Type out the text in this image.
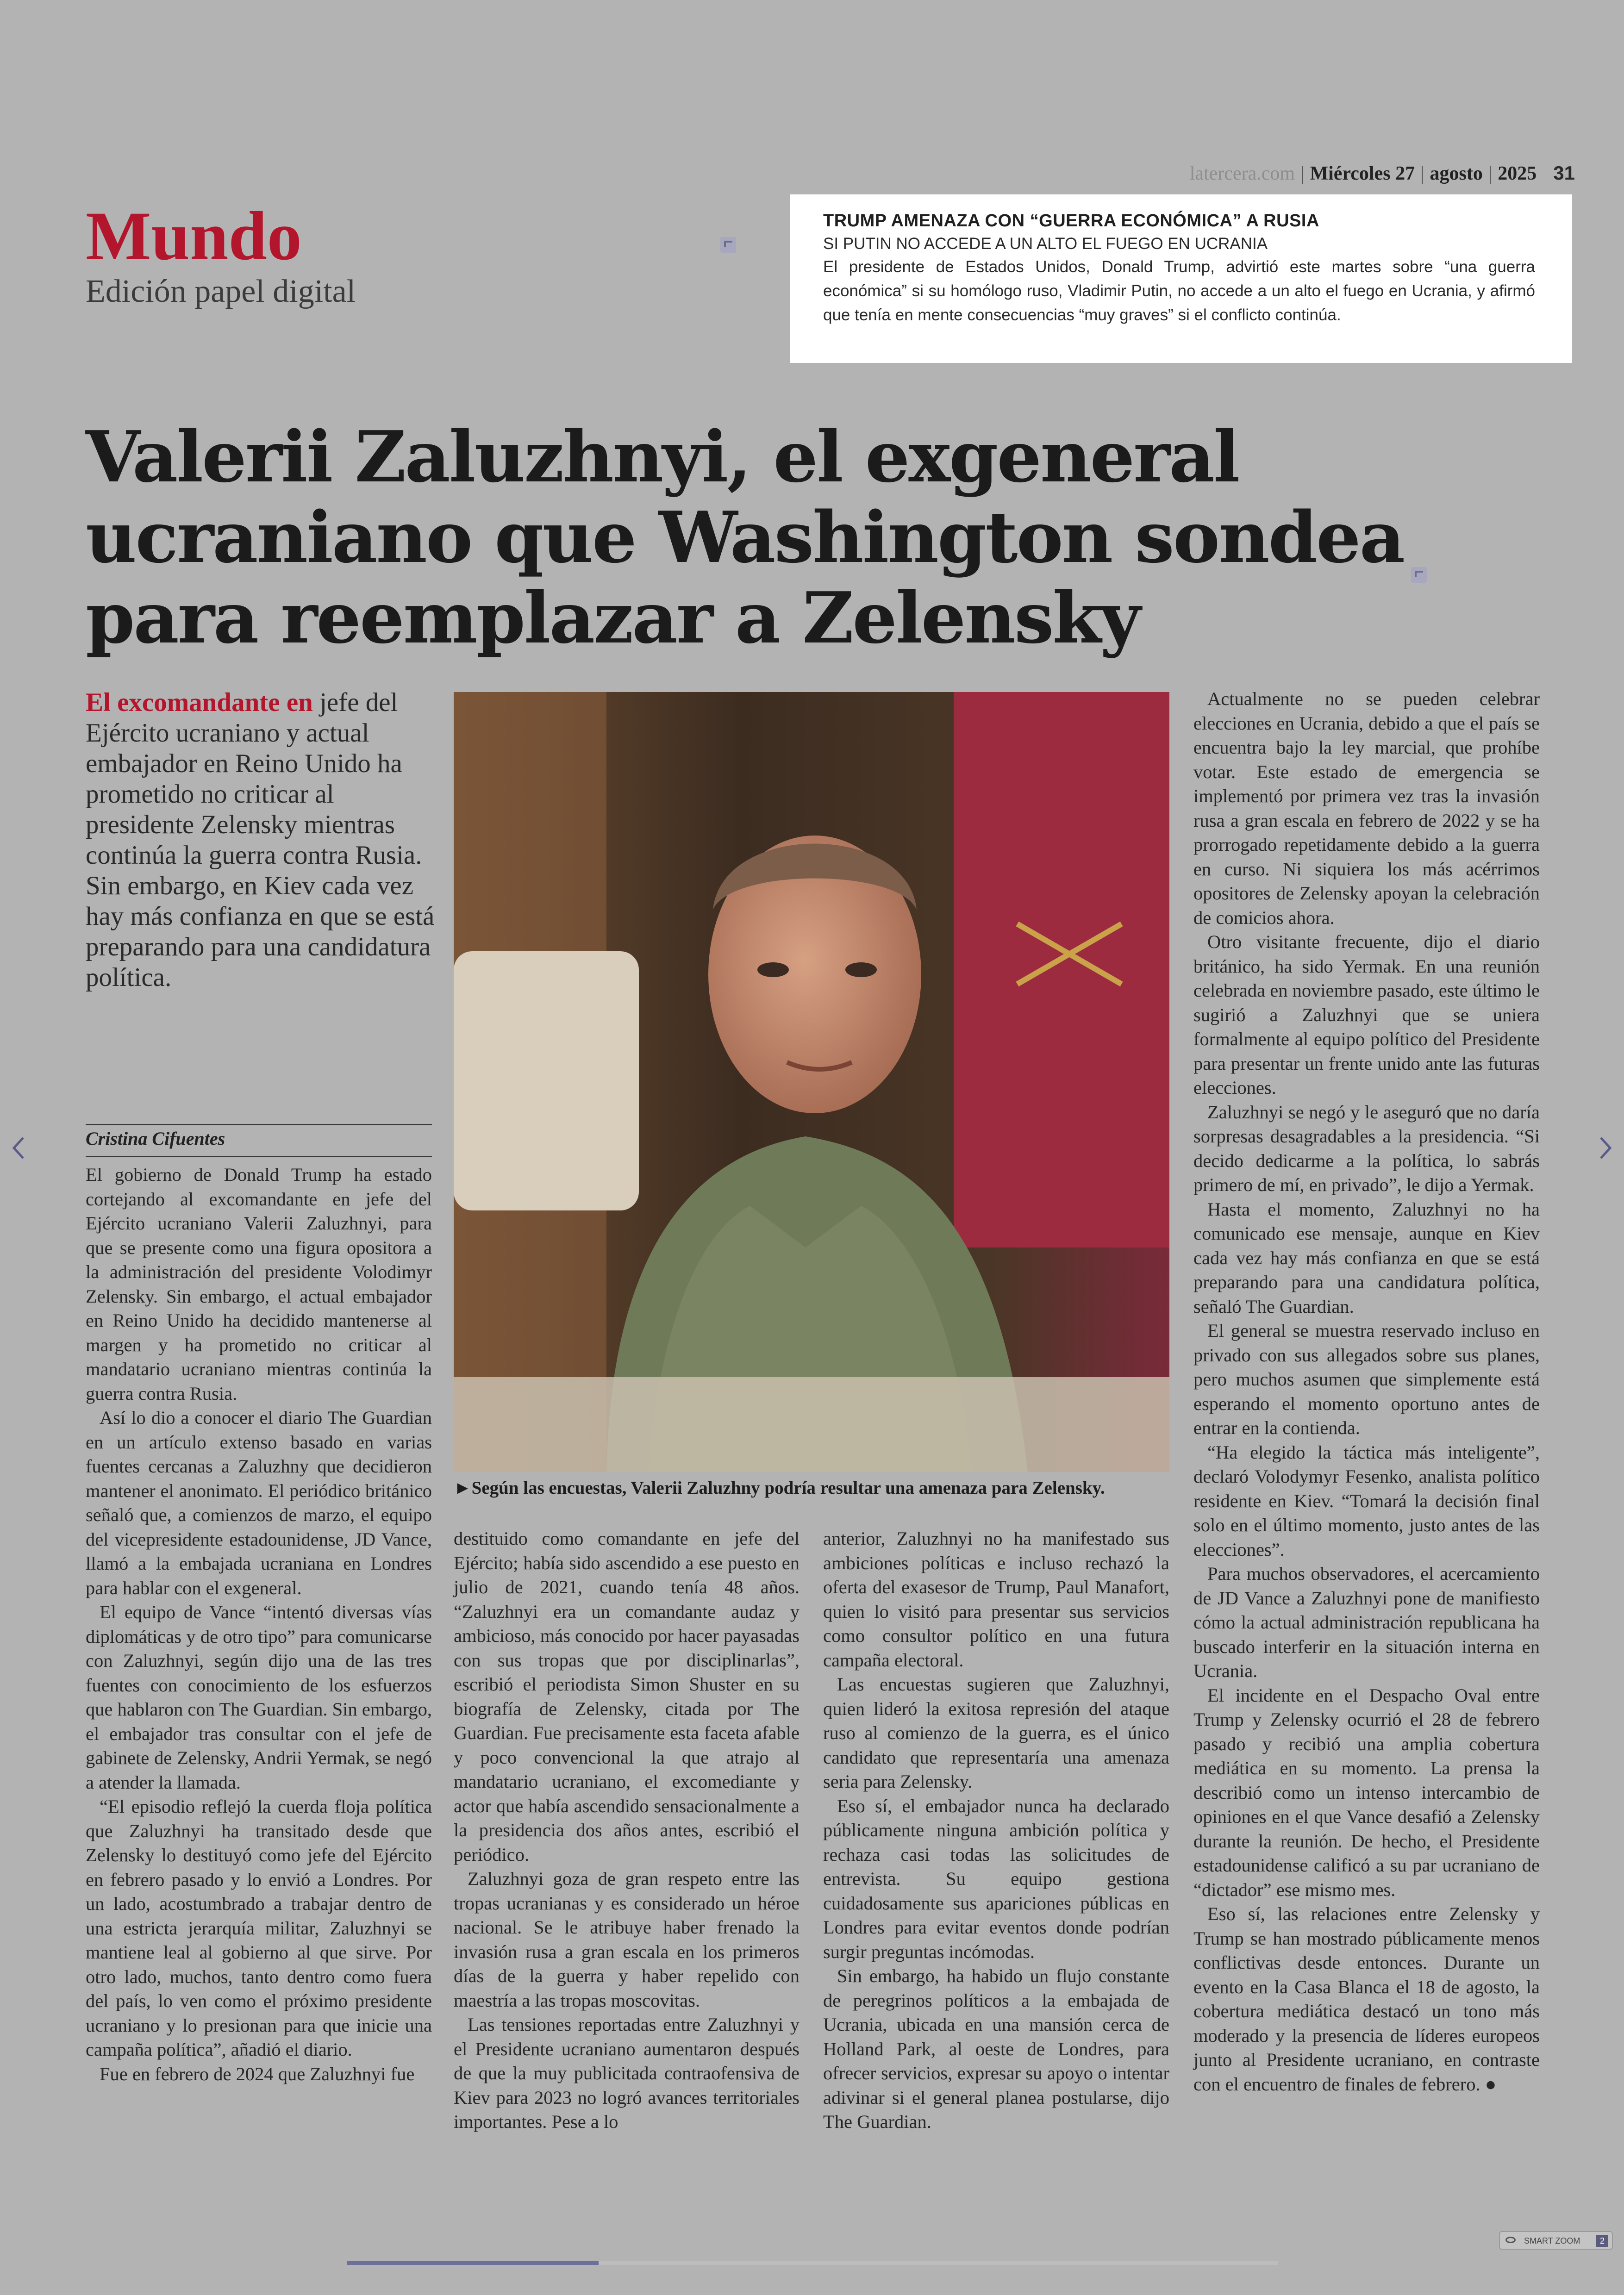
latercera.com | Miércoles 27 | agosto | 2025 31
Mundo
Edición papel digital
TRUMP AMENAZA CON “GUERRA ECONÓMICA” A RUSIA
SI PUTIN NO ACCEDE A UN ALTO EL FUEGO EN UCRANIA
El presidente de Estados Unidos, Donald Trump, advirtió este martes sobre “una guerra económica” si su homólogo ruso, Vladimir Putin, no accede a un alto el fuego en Ucrania, y afirmó que tenía en mente consecuencias “muy graves” si el conflicto continúa.
Valerii Zaluzhnyi, el exgeneral ucraniano que Washington sondea para reemplazar a Zelensky
El excomandante en jefe del Ejército ucraniano y actual embajador en Reino Unido ha prometido no criticar al presidente Zelensky mientras continúa la guerra contra Rusia. Sin embargo, en Kiev cada vez hay más confianza en que se está preparando para una candidatura política.
Cristina Cifuentes

El gobierno de Donald Trump ha estado cortejando al excomandante en jefe del Ejército ucraniano Valerii Zaluzhnyi, para que se presente como una figura opositora a la administración del presidente Volodimyr Zelensky. Sin embargo, el actual embajador en Reino Unido ha decidido mantenerse al margen y ha prometido no criticar al mandatario ucraniano mientras continúa la guerra contra Rusia.

Así lo dio a conocer el diario The Guardian en un artículo extenso basado en varias fuentes cercanas a Zaluzhny que decidieron mantener el anonimato. El periódico británico señaló que, a comienzos de marzo, el equipo del vicepresidente estadounidense, JD Vance, llamó a la embajada ucraniana en Londres para hablar con el exgeneral.

El equipo de Vance “intentó diversas vías diplomáticas y de otro tipo” para comunicarse con Zaluzhnyi, según dijo una de las tres fuentes con conocimiento de los esfuerzos que hablaron con The Guardian. Sin embargo, el embajador tras consultar con el jefe de gabinete de Zelensky, Andrii Yermak, se negó a atender la llamada.

“El episodio reflejó la cuerda floja política que Zaluzhnyi ha transitado desde que Zelensky lo destituyó como jefe del Ejército en febrero pasado y lo envió a Londres. Por un lado, acostumbrado a trabajar dentro de una estricta jerarquía militar, Zaluzhnyi se mantiene leal al gobierno al que sirve. Por otro lado, muchos, tanto dentro como fuera del país, lo ven como el próximo presidente ucraniano y lo presionan para que inicie una campaña política”, añadió el diario.

Fue en febrero de 2024 que Zaluzhnyi fue

►Según las encuestas, Valerii Zaluzhny podría resultar una amenaza para Zelensky.

destituido como comandante en jefe del Ejército; había sido ascendido a ese puesto en julio de 2021, cuando tenía 48 años. “Zaluzhnyi era un comandante audaz y ambicioso, más conocido por hacer payasadas con sus tropas que por disciplinarlas”, escribió el periodista Simon Shuster en su biografía de Zelensky, citada por The Guardian. Fue precisamente esta faceta afable y poco convencional la que atrajo al mandatario ucraniano, el excomediante y actor que había ascendido sensacionalmente a la presidencia dos años antes, escribió el periódico.

Zaluzhnyi goza de gran respeto entre las tropas ucranianas y es considerado un héroe nacional. Se le atribuye haber frenado la invasión rusa a gran escala en los primeros días de la guerra y haber repelido con maestría a las tropas moscovitas.

Las tensiones reportadas entre Zaluzhnyi y el Presidente ucraniano aumentaron después de que la muy publicitada contraofensiva de Kiev para 2023 no logró avances territoriales importantes. Pese a lo

anterior, Zaluzhnyi no ha manifestado sus ambiciones políticas e incluso rechazó la oferta del exasesor de Trump, Paul Manafort, quien lo visitó para presentar sus servicios como consultor político en una futura campaña electoral.

Las encuestas sugieren que Zaluzhnyi, quien lideró la exitosa represión del ataque ruso al comienzo de la guerra, es el único candidato que representaría una amenaza seria para Zelensky.

Eso sí, el embajador nunca ha declarado públicamente ninguna ambición política y rechaza casi todas las solicitudes de entrevista. Su equipo gestiona cuidadosamente sus apariciones públicas en Londres para evitar eventos donde podrían surgir preguntas incómodas.

Sin embargo, ha habido un flujo constante de peregrinos políticos a la embajada de Ucrania, ubicada en una mansión cerca de Holland Park, al oeste de Londres, para ofrecer servicios, expresar su apoyo o intentar adivinar si el general planea postularse, dijo The Guardian.

Actualmente no se pueden celebrar elecciones en Ucrania, debido a que el país se encuentra bajo la ley marcial, que prohíbe votar. Este estado de emergencia se implementó por primera vez tras la invasión rusa a gran escala en febrero de 2022 y se ha prorrogado repetidamente debido a la guerra en curso. Ni siquiera los más acérrimos opositores de Zelensky apoyan la celebración de comicios ahora.

Otro visitante frecuente, dijo el diario británico, ha sido Yermak. En una reunión celebrada en noviembre pasado, este último le sugirió a Zaluzhnyi que se uniera formalmente al equipo político del Presidente para presentar un frente unido ante las futuras elecciones.

Zaluzhnyi se negó y le aseguró que no daría sorpresas desagradables a la presidencia. “Si decido dedicarme a la política, lo sabrás primero de mí, en privado”, le dijo a Yermak.

Hasta el momento, Zaluzhnyi no ha comunicado ese mensaje, aunque en Kiev cada vez hay más confianza en que se está preparando para una candidatura política, señaló The Guardian.

El general se muestra reservado incluso en privado con sus allegados sobre sus planes, pero muchos asumen que simplemente está esperando el momento oportuno antes de entrar en la contienda.

“Ha elegido la táctica más inteligente”, declaró Volodymyr Fesenko, analista político residente en Kiev. “Tomará la decisión final solo en el último momento, justo antes de las elecciones”.

Para muchos observadores, el acercamiento de JD Vance a Zaluzhnyi pone de manifiesto cómo la actual administración republicana ha buscado interferir en la situación interna en Ucrania.

El incidente en el Despacho Oval entre Trump y Zelensky ocurrió el 28 de febrero pasado y recibió una amplia cobertura mediática en su momento. La prensa la describió como un intenso intercambio de opiniones en el que Vance desafió a Zelensky durante la reunión. De hecho, el Presidente estadounidense calificó a su par ucraniano de “dictador” ese mismo mes.

Eso sí, las relaciones entre Zelensky y Trump se han mostrado públicamente menos conflictivas desde entonces. Durante un evento en la Casa Blanca el 18 de agosto, la cobertura mediática destacó un tono más moderado y la presencia de líderes europeos junto al Presidente ucraniano, en contraste con el encuentro de finales de febrero. ●

SMART ZOOM	2
